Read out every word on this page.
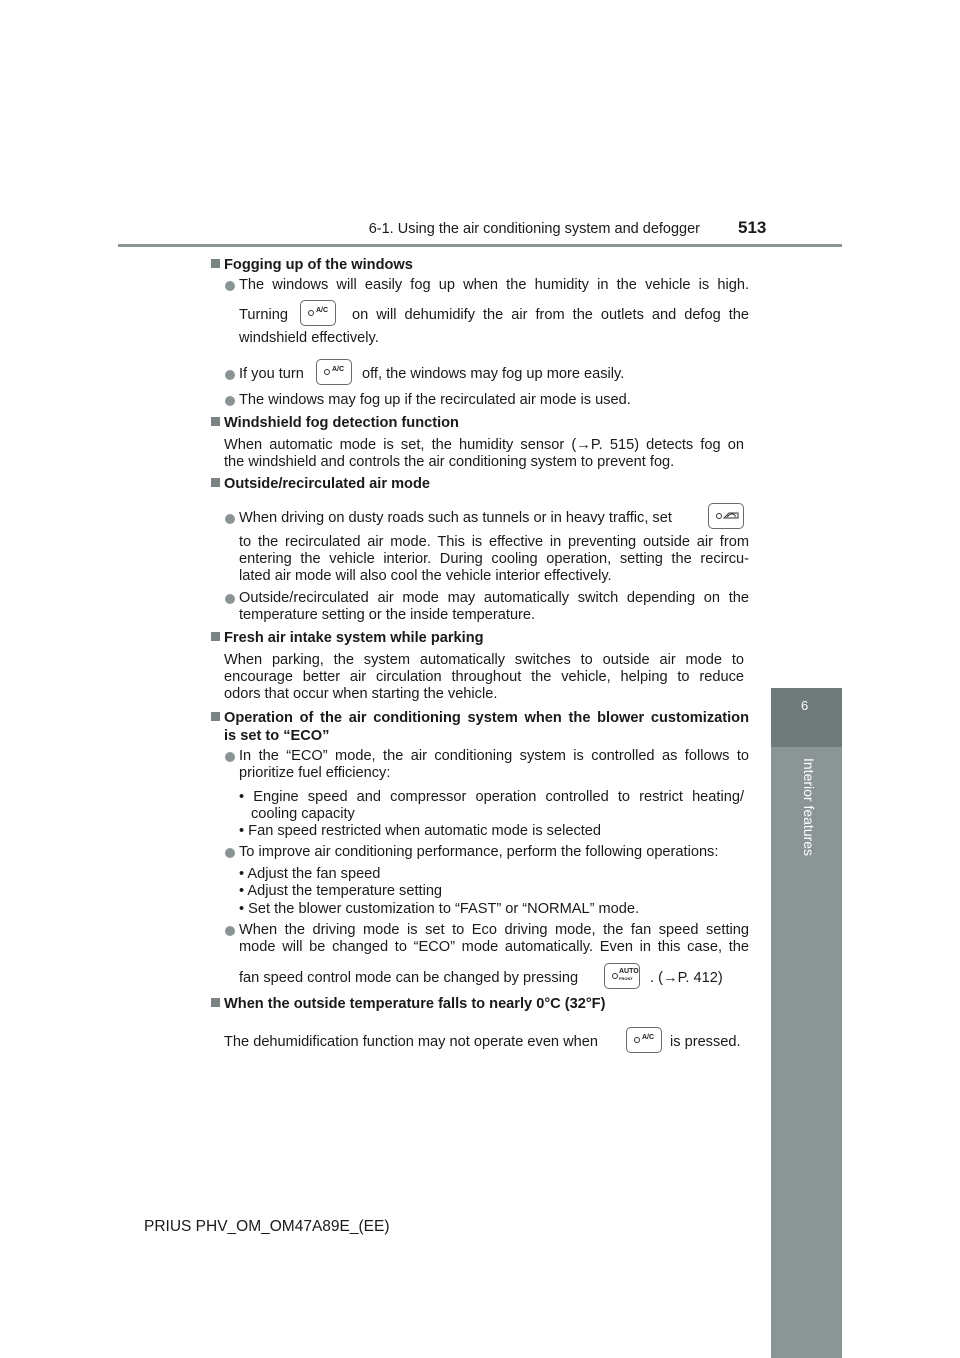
6-1. Using the air conditioning system and defogger 513
6
Interior features
Fogging up of the windows
The windows will easily fog up when the humidity in the vehicle is high.
Turning	A/C on will dehumidify the air from the outlets and defog the
windshield effectively.
If you turn	A/C off, the windows may fog up more easily.
The windows may fog up if the recirculated air mode is used.
Windshield fog detection function
When automatic mode is set, the humidity sensor (→P. 515) detects fog on
the windshield and controls the air conditioning system to prevent fog.
Outside/recirculated air mode
When driving on dusty roads such as tunnels or in heavy traffic, set
to the recirculated air mode. This is effective in preventing outside air from
entering the vehicle interior. During cooling operation, setting the recircu-
lated air mode will also cool the vehicle interior effectively.
Outside/recirculated air mode may automatically switch depending on the
temperature setting or the inside temperature.
Fresh air intake system while parking
When parking, the system automatically switches to outside air mode to
encourage better air circulation throughout the vehicle, helping to reduce
odors that occur when starting the vehicle.
Operation of the air conditioning system when the blower customization
is set to “ECO”
In the “ECO” mode, the air conditioning system is controlled as follows to
prioritize fuel efficiency:
• Engine speed and compressor operation controlled to restrict heating/
cooling capacity
• Fan speed restricted when automatic mode is selected
To improve air conditioning performance, perform the following operations:
• Adjust the fan speed
• Adjust the temperature setting
• Set the blower customization to “FAST” or “NORMAL” mode.
When the driving mode is set to Eco driving mode, the fan speed setting
mode will be changed to “ECO” mode automatically. Even in this case, the
fan speed control mode can be changed by pressing	AUTO
FRONT	. (→P. 412)
When the outside temperature falls to nearly 0°C (32°F)
The dehumidification function may not operate even when	A/C is pressed.
PRIUS PHV_OM_OM47A89E_(EE)
